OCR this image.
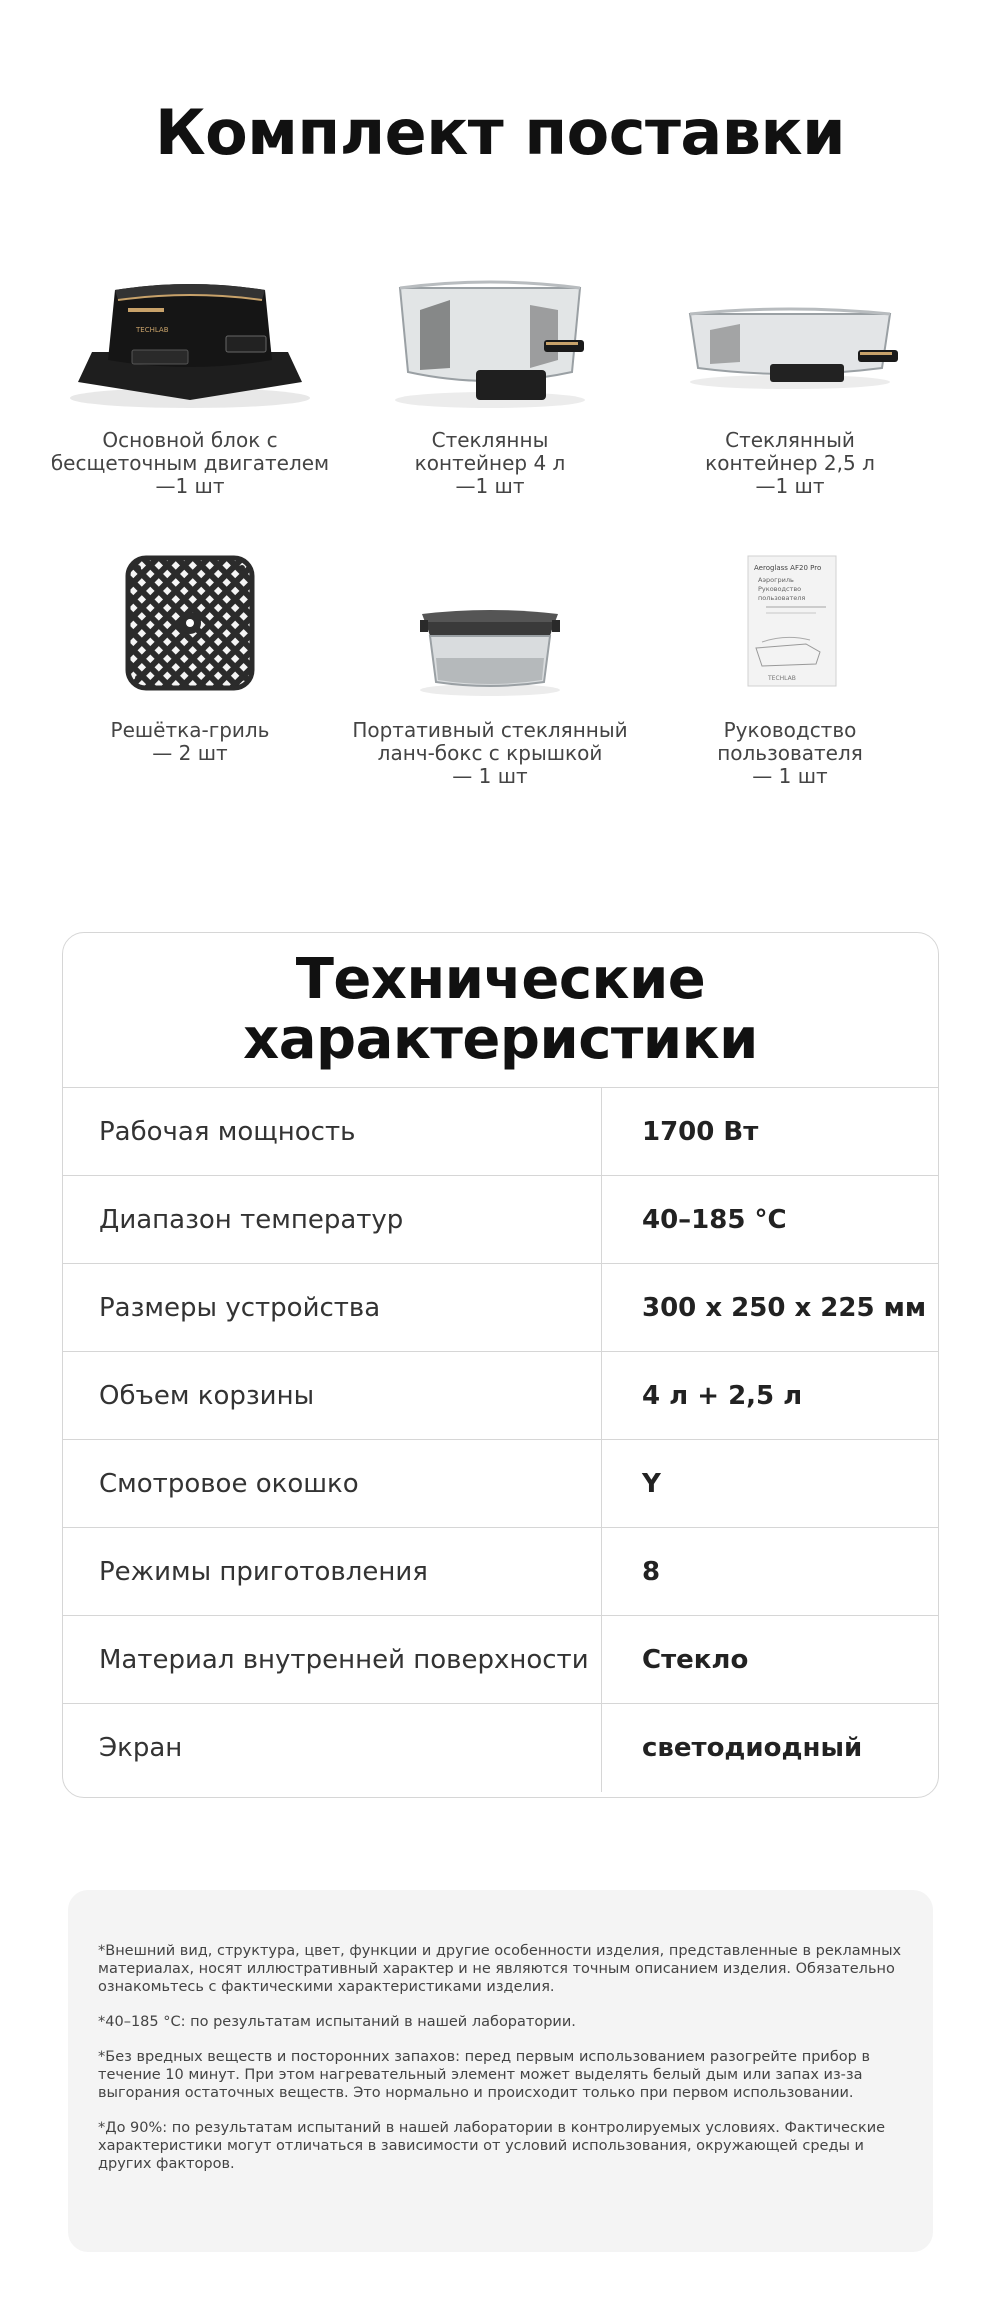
Комплект поставки
TECHLAB
Основной блок с
бесщеточным двигателем
—1 шт
Стеклянны
контейнер 4 л
—1 шт
Стеклянный
контейнер 2,5 л
—1 шт
Решётка-гриль
— 2 шт
Портативный стеклянный
ланч-бокс с крышкой
— 1 шт
Aeroglass AF20 Pro
Аэрогриль
Руководство
пользователя
TECHLAB
Руководство
пользователя
— 1 шт
Технические
характеристики
Рабочая мощность	1700 Вт
Диапазон температур	40–185 °C
Размеры устройства	300 x 250 x 225 мм
Объем корзины	4 л + 2,5 л
Смотровое окошко	Y
Режимы приготовления	8
Материал внутренней поверхности	Стекло
Экран	светодиодный

*Внешний вид, структура, цвет, функции и другие особенности изделия, представленные в рекламных материалах, носят иллюстративный характер и не являются точным описанием изделия. Обязательно ознакомьтесь с фактическими характеристиками изделия.

*40–185 °C: по результатам испытаний в нашей лаборатории.

*Без вредных веществ и посторонних запахов: перед первым использованием разогрейте прибор в течение 10 минут. При этом нагревательный элемент может выделять белый дым или запах из-за выгорания остаточных веществ. Это нормально и происходит только при первом использовании.

*До 90%: по результатам испытаний в нашей лаборатории в контролируемых условиях. Фактические характеристики могут отличаться в зависимости от условий использования, окружающей среды и других факторов.
